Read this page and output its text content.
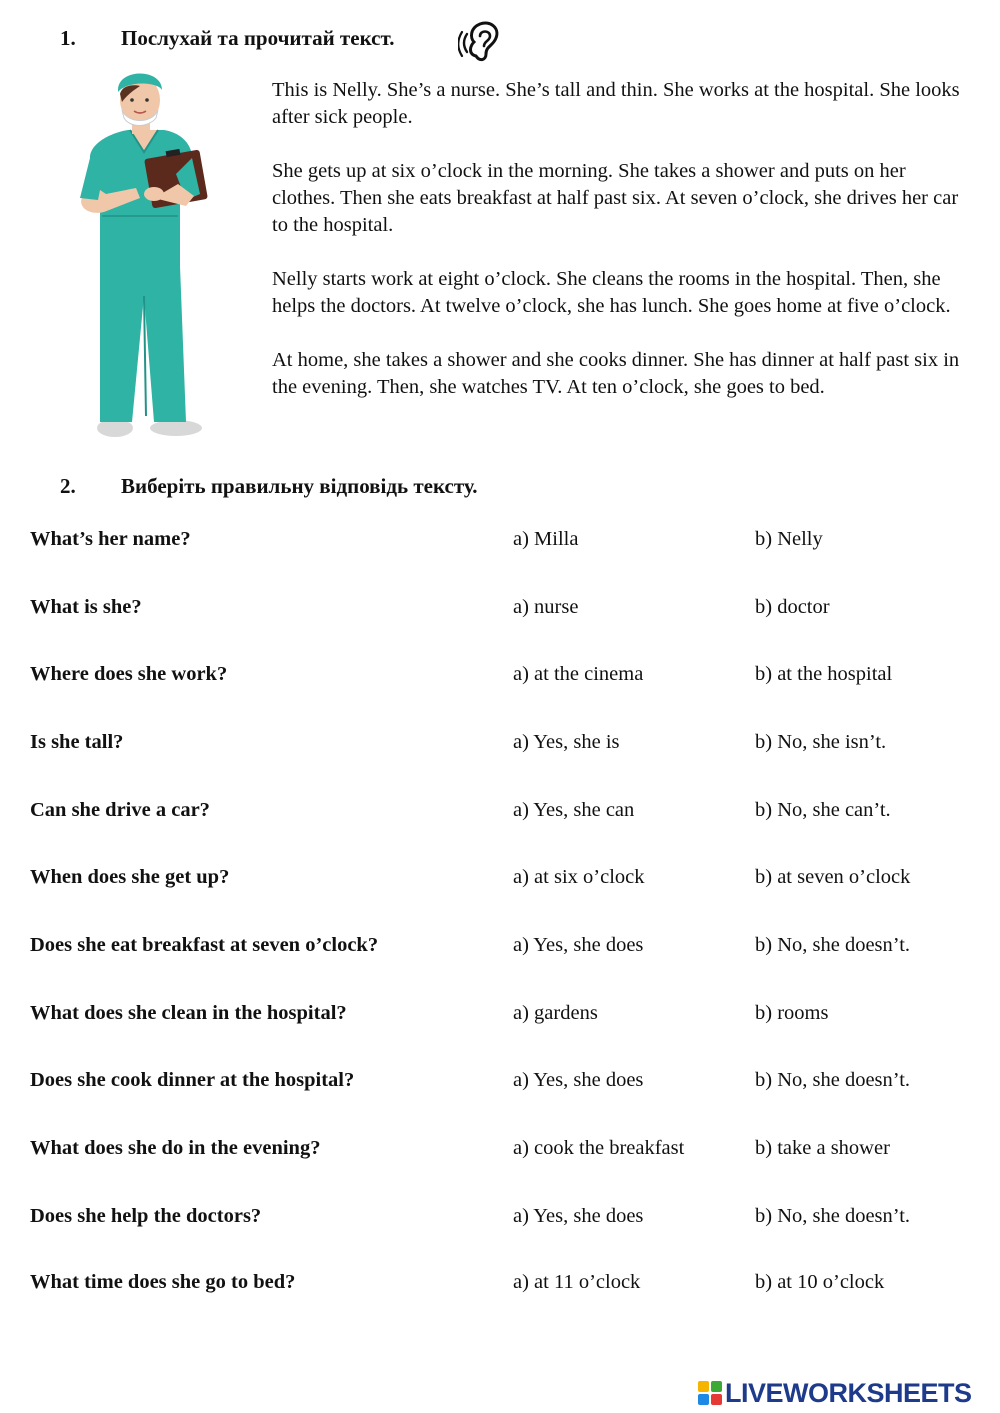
1.	Послухай та прочитай текст.

This is Nelly. She’s a nurse. She’s tall and thin. She works at the hospital. She looks after sick people.

She gets up at six o’clock in the morning. She takes a shower and puts on her clothes. Then she eats breakfast at half past six. At seven o’clock, she drives her car to the hospital.

Nelly starts work at eight o’clock. She cleans the rooms in the hospital. Then, she helps the doctors. At twelve o’clock, she has lunch. She goes home at five o’clock.

At home, she takes a shower and she cooks dinner. She has dinner at half past six in the evening. Then, she watches TV. At ten o’clock, she goes to bed.

2.	Виберіть правильну відповідь тексту.
What’s her name?	a) Milla	b) Nelly
What is she?	a) nurse	b) doctor
Where does she work?	a) at the cinema	b) at the hospital
Is she tall?	a) Yes, she is	b) No, she isn’t.
Can she drive a car?	a) Yes, she can	b) No, she can’t.
When does she get up?	a) at six o’clock	b) at seven o’clock
Does she eat breakfast at seven o’clock?	a) Yes, she does	b) No, she doesn’t.
What does she clean in the hospital?	a) gardens	b) rooms
Does she cook dinner at the hospital?	a) Yes, she does	b) No, she doesn’t.
What does she do in the evening?	a) cook the breakfast	b) take a shower
Does she help the doctors?	a) Yes, she does	b) No, she doesn’t.
What time does she go to bed?	a) at 11 o’clock	b) at 10 o’clock
LIVEWORKSHEETS
